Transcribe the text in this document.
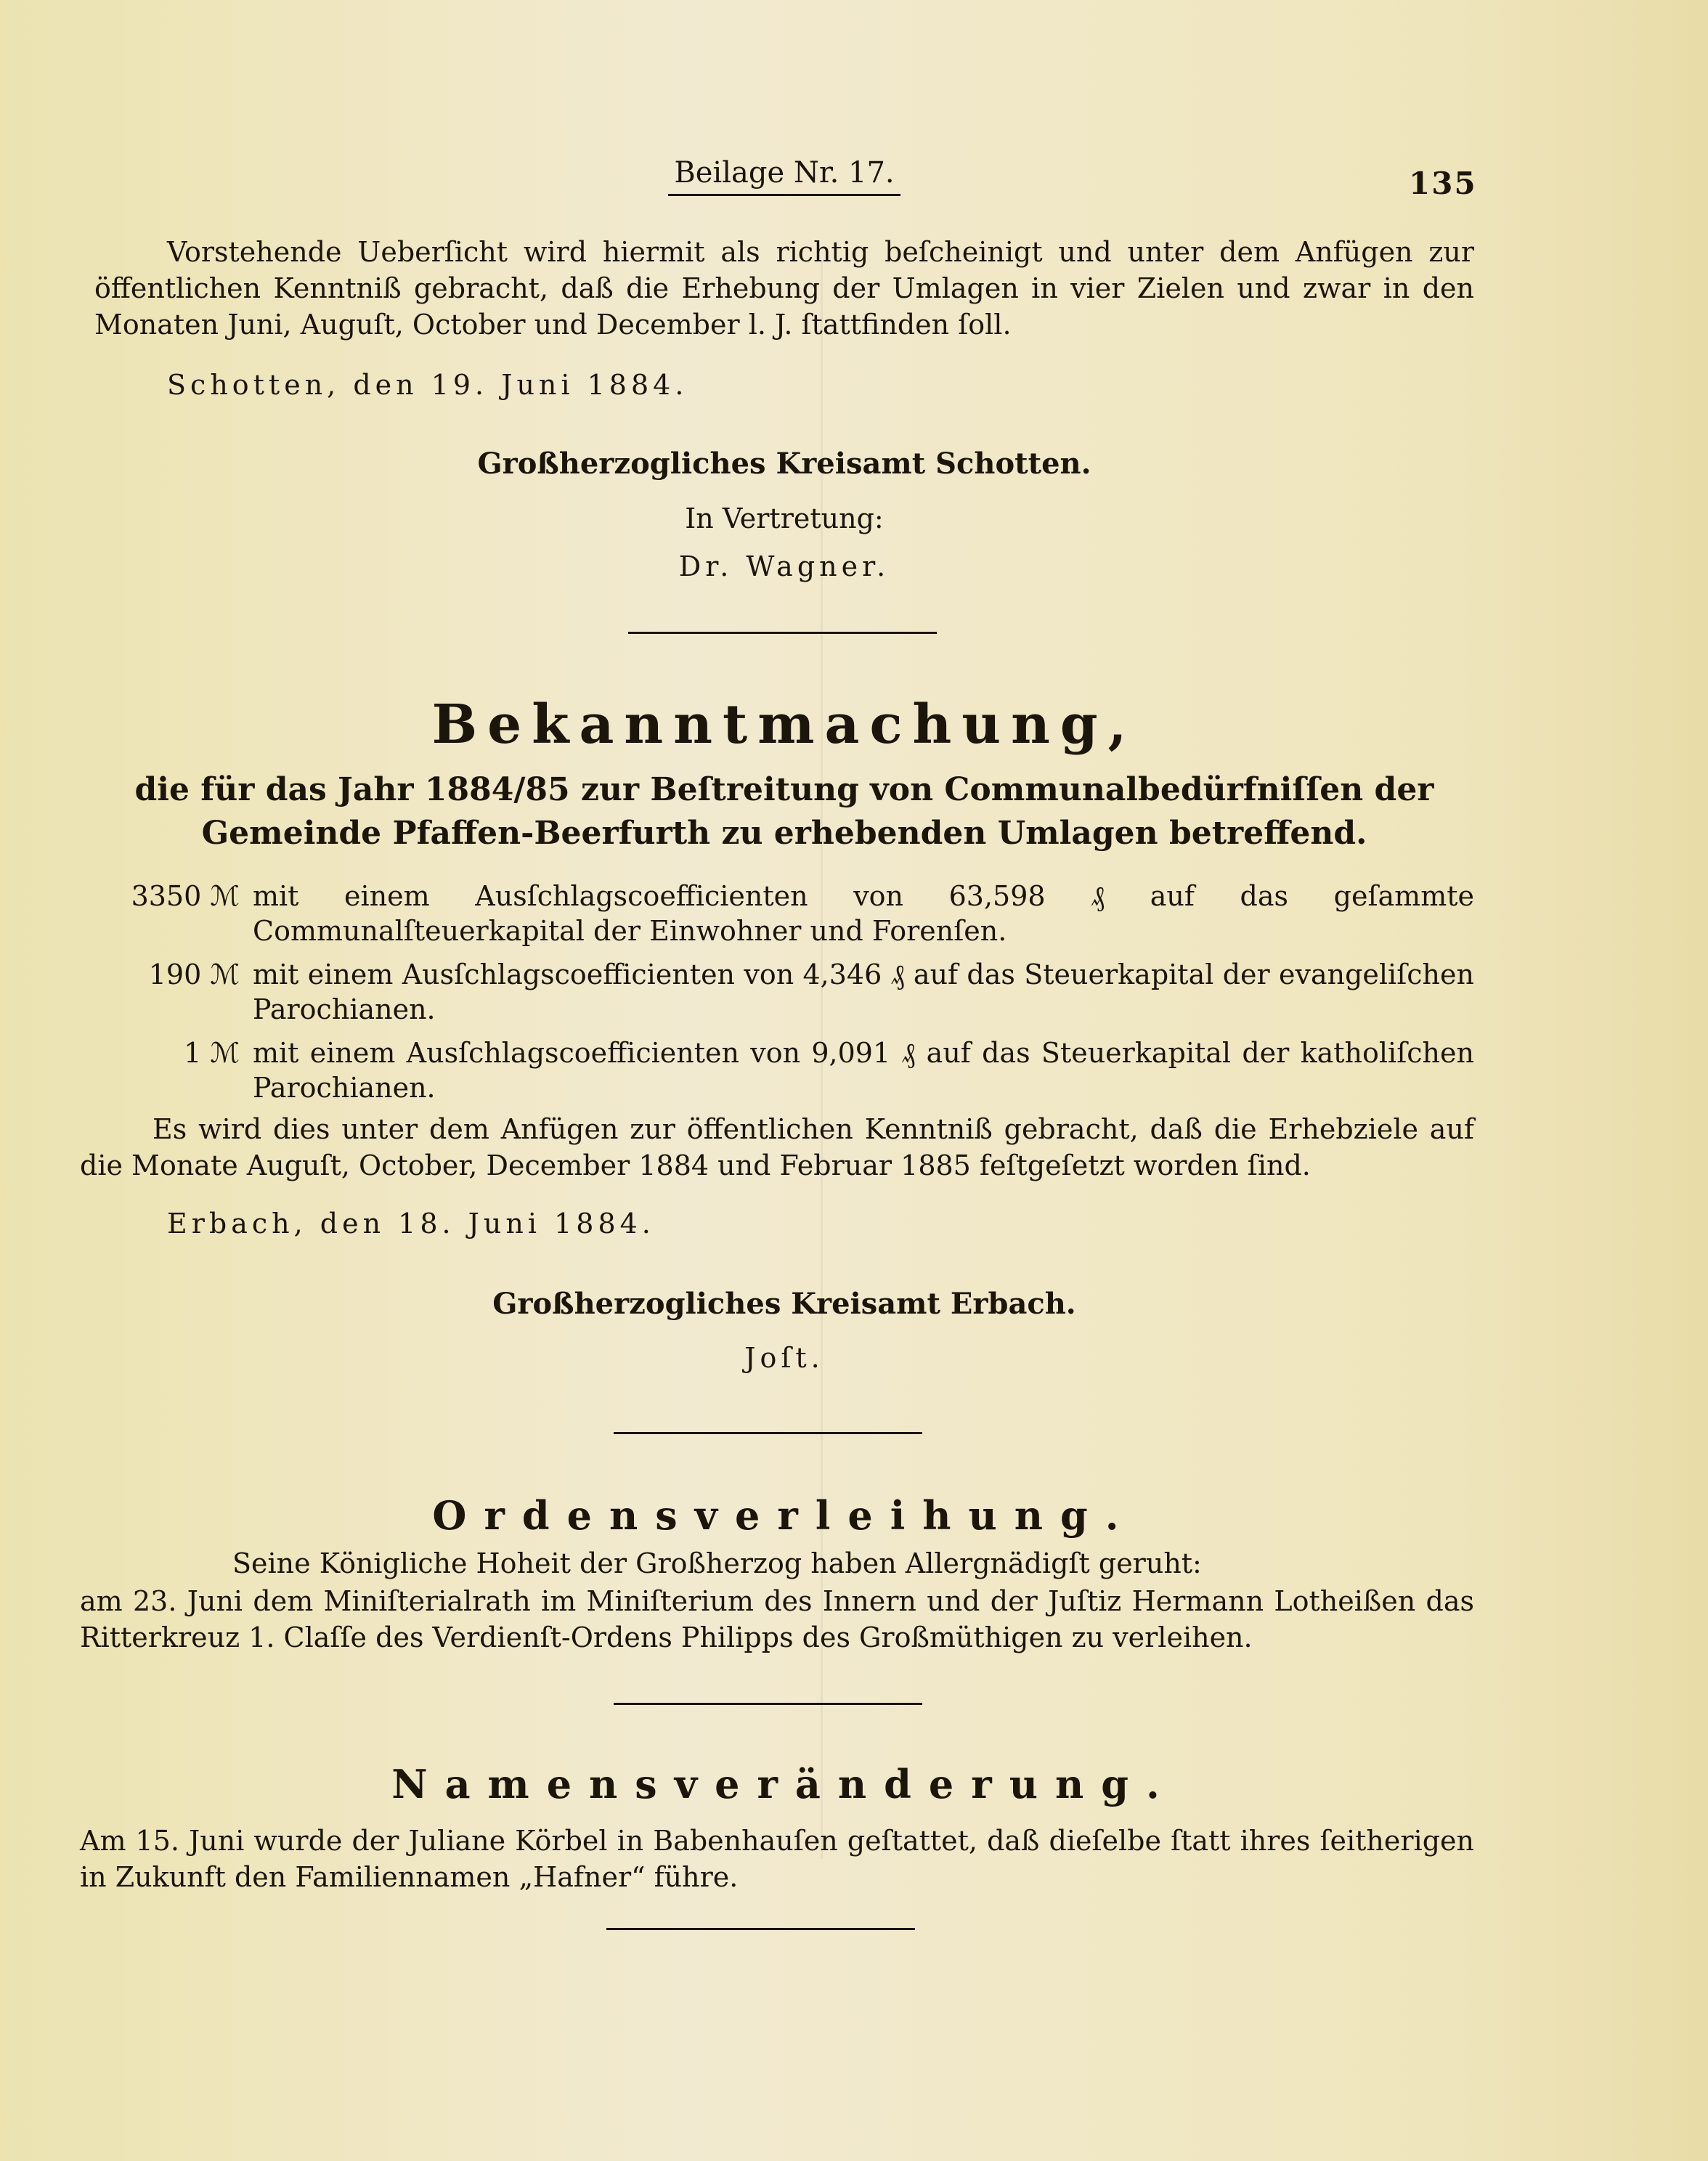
Beilage Nr. 17.	135
Vorstehende Ueberſicht wird hiermit als richtig beſcheinigt und unter dem Anfügen zur öffentlichen Kenntniß gebracht, daß die Erhebung der Umlagen in vier Zielen und zwar in den Monaten Juni, Auguſt, October und December l. J. ſtattfinden ſoll.
Schotten, den 19. Juni 1884.
Großherzogliches Kreisamt Schotten.
In Vertretung:
Dr. Wagner.
Bekanntmachung,
die für das Jahr 1884/85 zur Beſtreitung von Communalbedürfniſſen der Gemeinde Pfaffen-Beerfurth zu erhebenden Umlagen betreffend.
3350 ℳ mit einem Ausſchlagscoefficienten von 63,598 ₰ auf das geſammte Communalſteuerkapital der Einwohner und Forenſen.
190 ℳ mit einem Ausſchlagscoefficienten von 4,346 ₰ auf das Steuerkapital der evangeliſchen Parochianen.
1 ℳ mit einem Ausſchlagscoefficienten von 9,091 ₰ auf das Steuerkapital der katholiſchen Parochianen.
Es wird dies unter dem Anfügen zur öffentlichen Kenntniß gebracht, daß die Erhebziele auf die Monate Auguſt, October, December 1884 und Februar 1885 feſtgeſetzt worden ſind.
Erbach, den 18. Juni 1884.
Großherzogliches Kreisamt Erbach.
Joſt.
Ordensverleihung.
Seine Königliche Hoheit der Großherzog haben Allergnädigſt geruht:
am 23. Juni dem Miniſterialrath im Miniſterium des Innern und der Juſtiz Hermann Lotheißen das Ritterkreuz 1. Claſſe des Verdienſt-Ordens Philipps des Großmüthigen zu verleihen.
Namensveränderung.
Am 15. Juni wurde der Juliane Körbel in Babenhauſen geſtattet, daß dieſelbe ſtatt ihres ſeitherigen in Zukunft den Familiennamen „Hafner“ führe.
